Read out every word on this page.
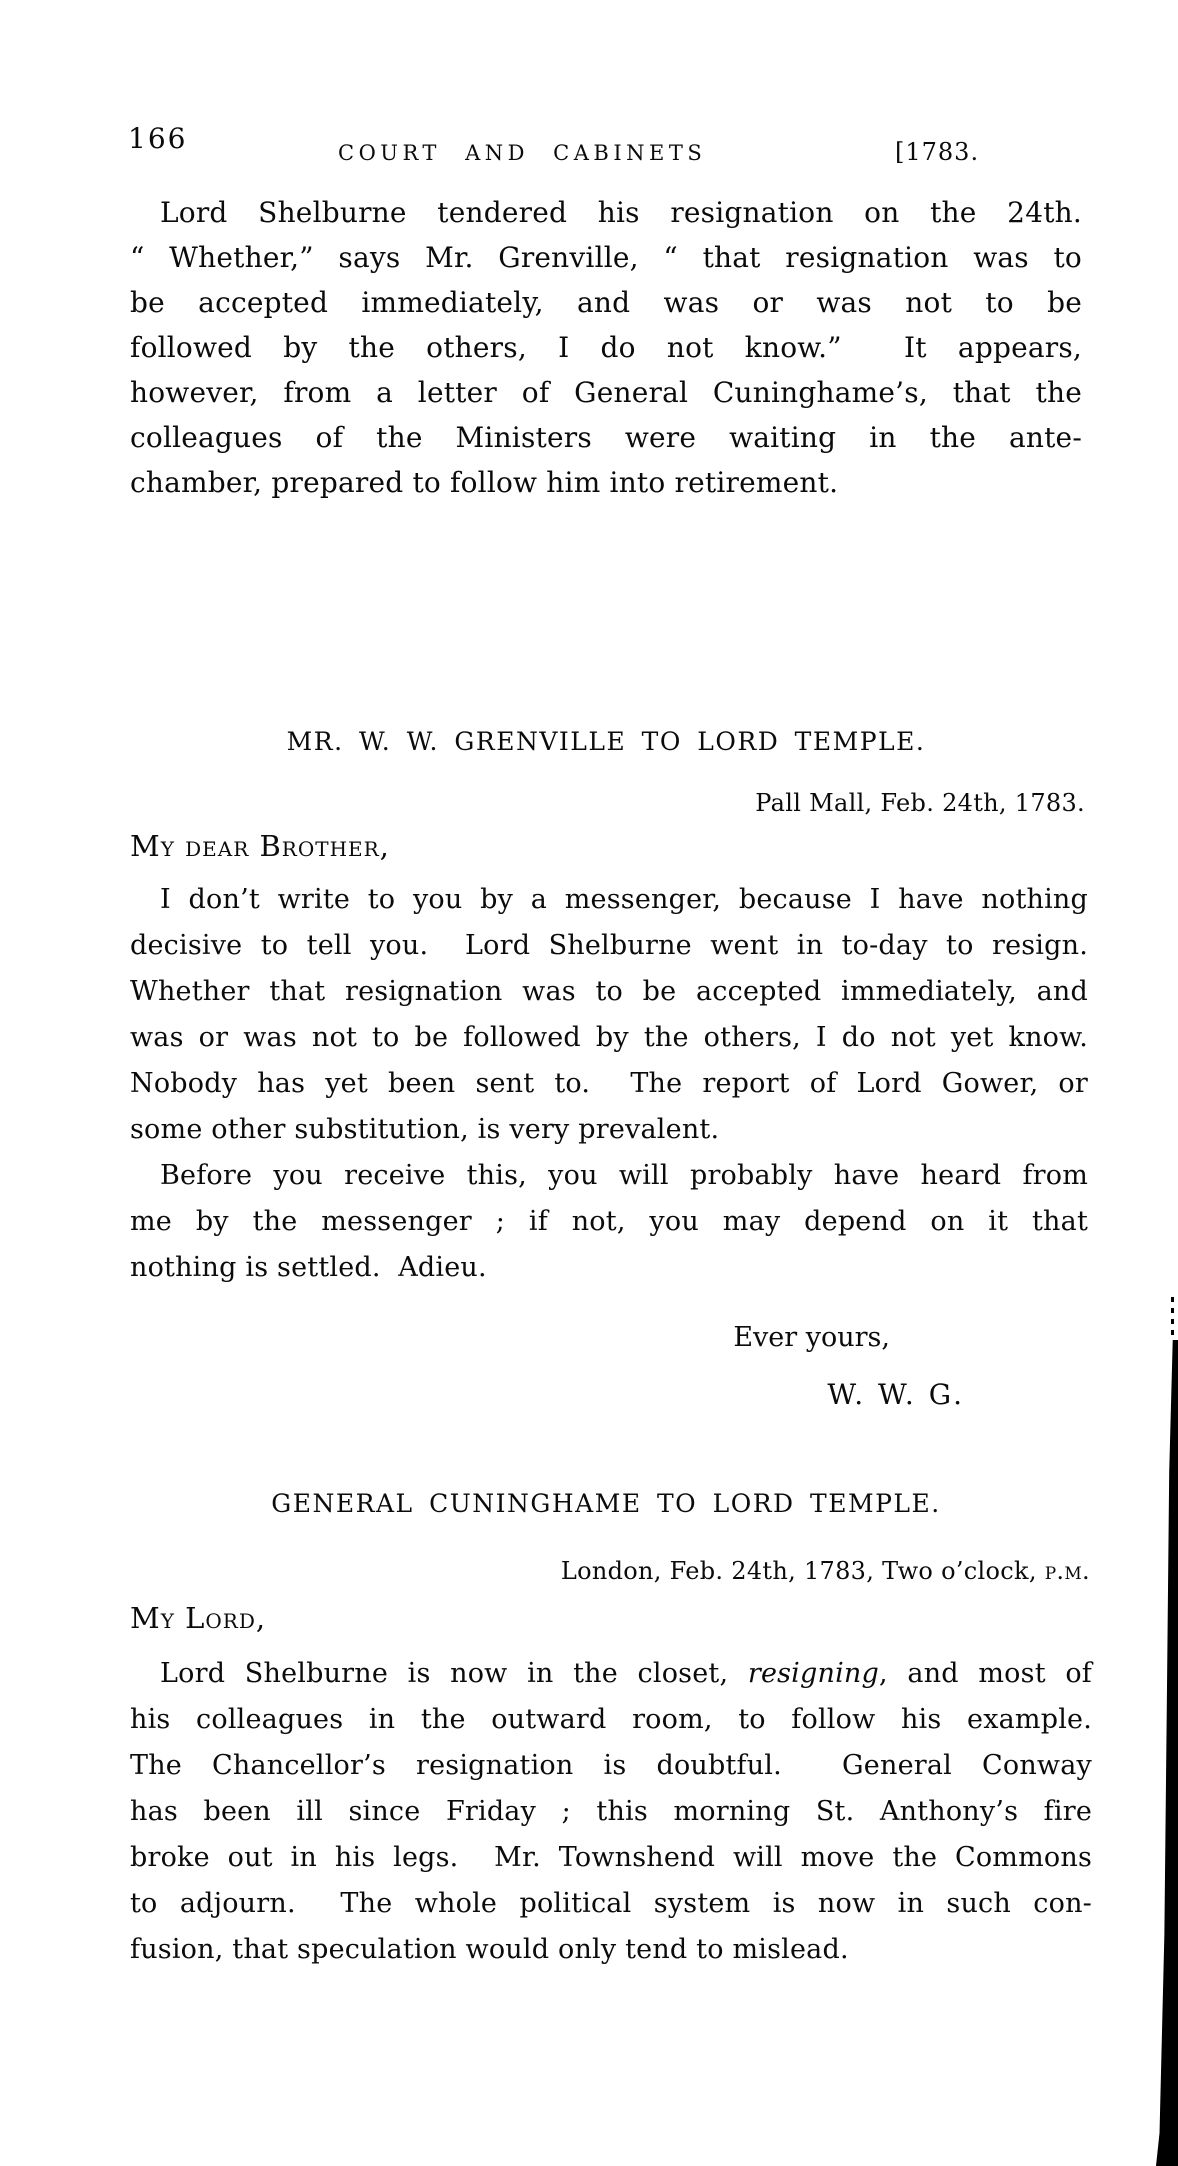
166	COURT AND CABINETS	[1783.
Lord Shelburne tendered his resignation on the 24th.
“ Whether,” says Mr. Grenville, “ that resignation was to
be accepted immediately, and was or was not to be
followed by the others, I do not know.”  It appears,
however, from a letter of General Cuninghame’s, that the
colleagues of the Ministers were waiting in the ante-
chamber, prepared to follow him into retirement.
MR. W. W. GRENVILLE TO LORD TEMPLE.
Pall Mall, Feb. 24th, 1783.
My dear Brother,
I don’t write to you by a messenger, because I have nothing
decisive to tell you.  Lord Shelburne went in to-day to resign.
Whether that resignation was to be accepted immediately, and
was or was not to be followed by the others, I do not yet know.
Nobody has yet been sent to.  The report of Lord Gower, or
some other substitution, is very prevalent.
Before you receive this, you will probably have heard from
me by the messenger ; if not, you may depend on it that
nothing is settled.  Adieu.
Ever yours,
W. W. G.
GENERAL CUNINGHAME TO LORD TEMPLE.
London, Feb. 24th, 1783, Two o’clock, p.m.
My Lord,
Lord Shelburne is now in the closet, resigning, and most of
his colleagues in the outward room, to follow his example.
The Chancellor’s resignation is doubtful.  General Conway
has been ill since Friday ; this morning St. Anthony’s fire
broke out in his legs.  Mr. Townshend will move the Commons
to adjourn.  The whole political system is now in such con-
fusion, that speculation would only tend to mislead.
